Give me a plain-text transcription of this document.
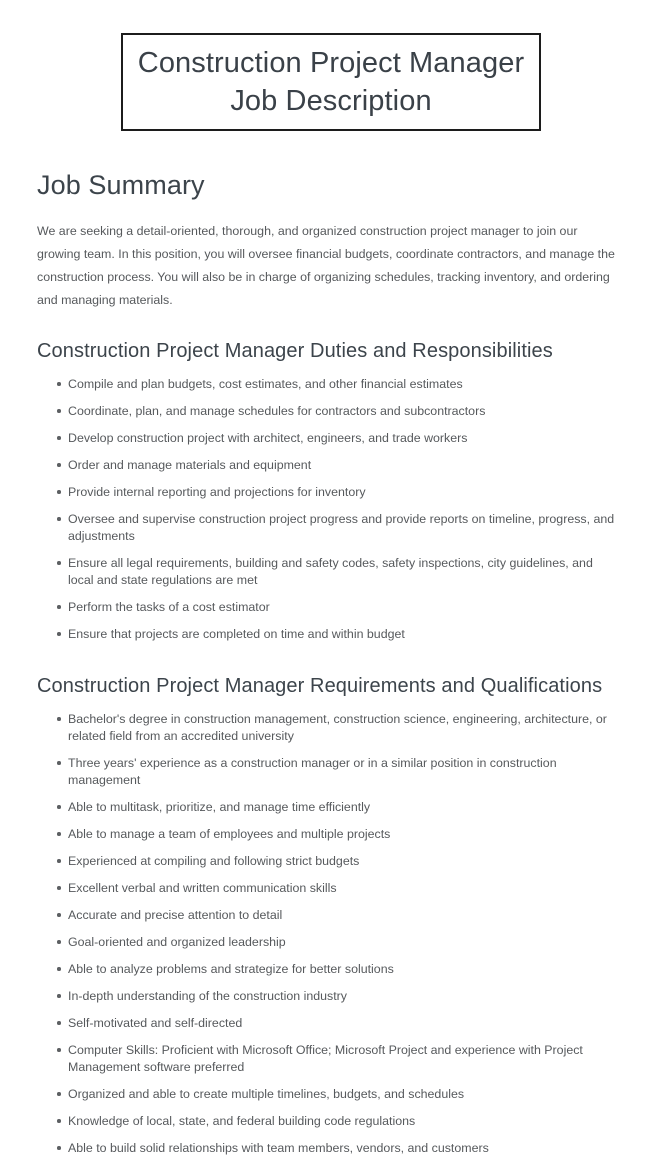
Construction Project Manager
Job Description
Job Summary

We are seeking a detail-oriented, thorough, and organized construction project manager to join our growing team. In this position, you will oversee financial budgets, coordinate contractors, and manage the construction process. You will also be in charge of organizing schedules, tracking inventory, and ordering and managing materials.

Construction Project Manager Duties and Responsibilities
Compile and plan budgets, cost estimates, and other financial estimates
Coordinate, plan, and manage schedules for contractors and subcontractors
Develop construction project with architect, engineers, and trade workers
Order and manage materials and equipment
Provide internal reporting and projections for inventory
Oversee and supervise construction project progress and provide reports on timeline, progress, and adjustments
Ensure all legal requirements, building and safety codes, safety inspections, city guidelines, and local and state regulations are met
Perform the tasks of a cost estimator
Ensure that projects are completed on time and within budget
Construction Project Manager Requirements and Qualifications
Bachelor's degree in construction management, construction science, engineering, architecture, or related field from an accredited university
Three years' experience as a construction manager or in a similar position in construction management
Able to multitask, prioritize, and manage time efficiently
Able to manage a team of employees and multiple projects
Experienced at compiling and following strict budgets
Excellent verbal and written communication skills
Accurate and precise attention to detail
Goal-oriented and organized leadership
Able to analyze problems and strategize for better solutions
In-depth understanding of the construction industry
Self-motivated and self-directed
Computer Skills: Proficient with Microsoft Office; Microsoft Project and experience with Project Management software preferred
Organized and able to create multiple timelines, budgets, and schedules
Knowledge of local, state, and federal building code regulations
Able to build solid relationships with team members, vendors, and customers
